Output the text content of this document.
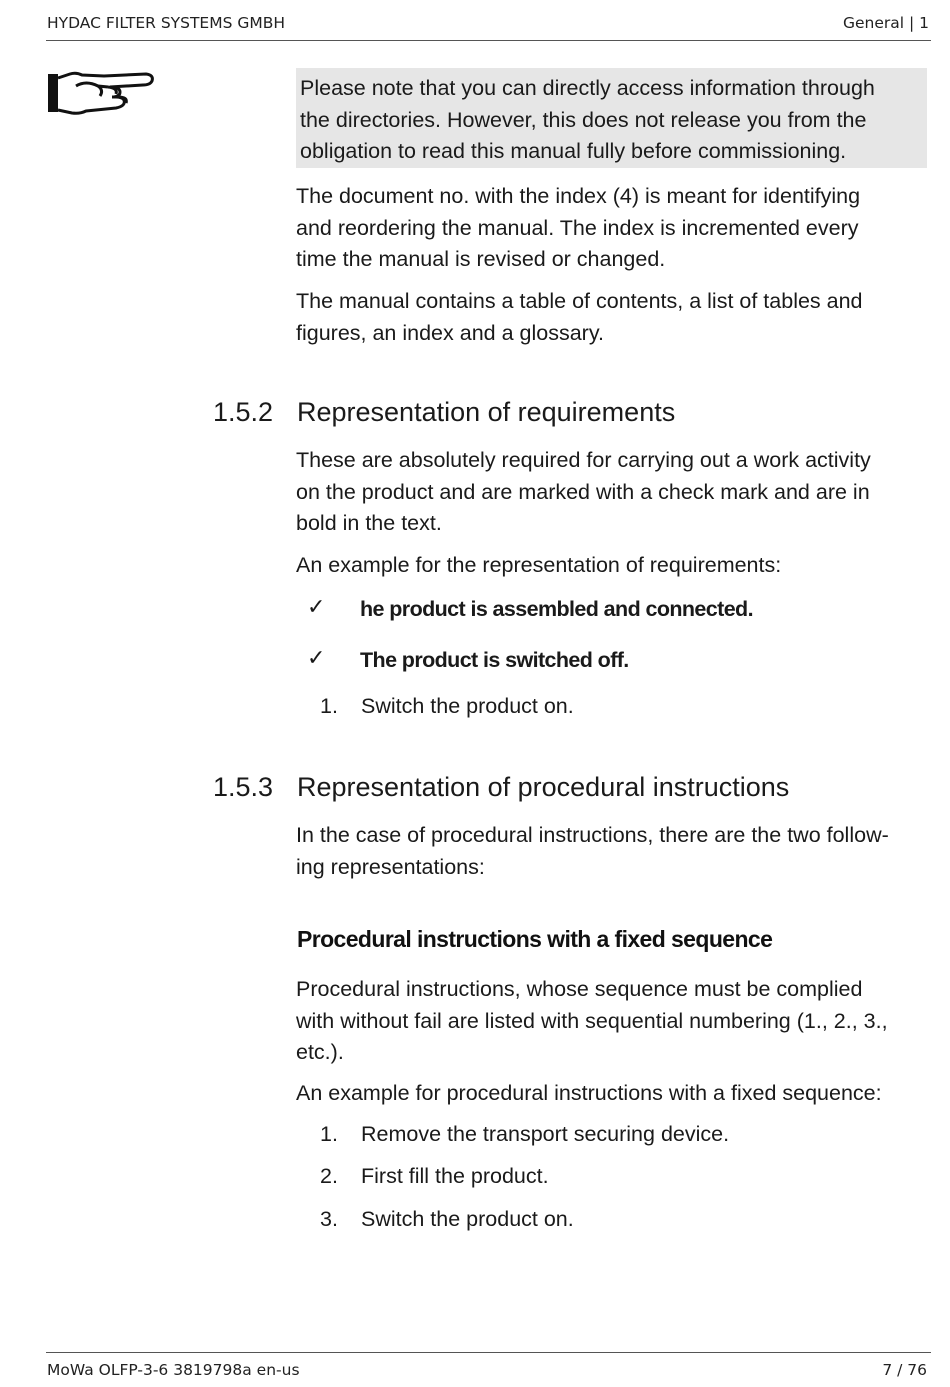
HYDAC FILTER SYSTEMS GMBH	General | 1
Please note that you can directly access information through
the directories. However, this does not release you from the
obligation to read this manual fully before commissioning.
The document no. with the index (4) is meant for identifying
and reordering the manual. The index is incremented every
time the manual is revised or changed.
The manual contains a table of contents, a list of tables and
figures, an index and a glossary.
1.5.2 Representation of requirements
These are absolutely required for carrying out a work activity
on the product and are marked with a check mark and are in
bold in the text.
An example for the representation of requirements:
✓ he product is assembled and connected.
✓ The product is switched off.
1. Switch the product on.
1.5.3 Representation of procedural instructions
In the case of procedural instructions, there are the two follow-
ing representations:
Procedural instructions with a fixed sequence
Procedural instructions, whose sequence must be complied
with without fail are listed with sequential numbering (1., 2., 3.,
etc.).
An example for procedural instructions with a fixed sequence:
1. Remove the transport securing device.
2. First fill the product.
3. Switch the product on.
MoWa OLFP-3-6 3819798a en-us	7 / 76
